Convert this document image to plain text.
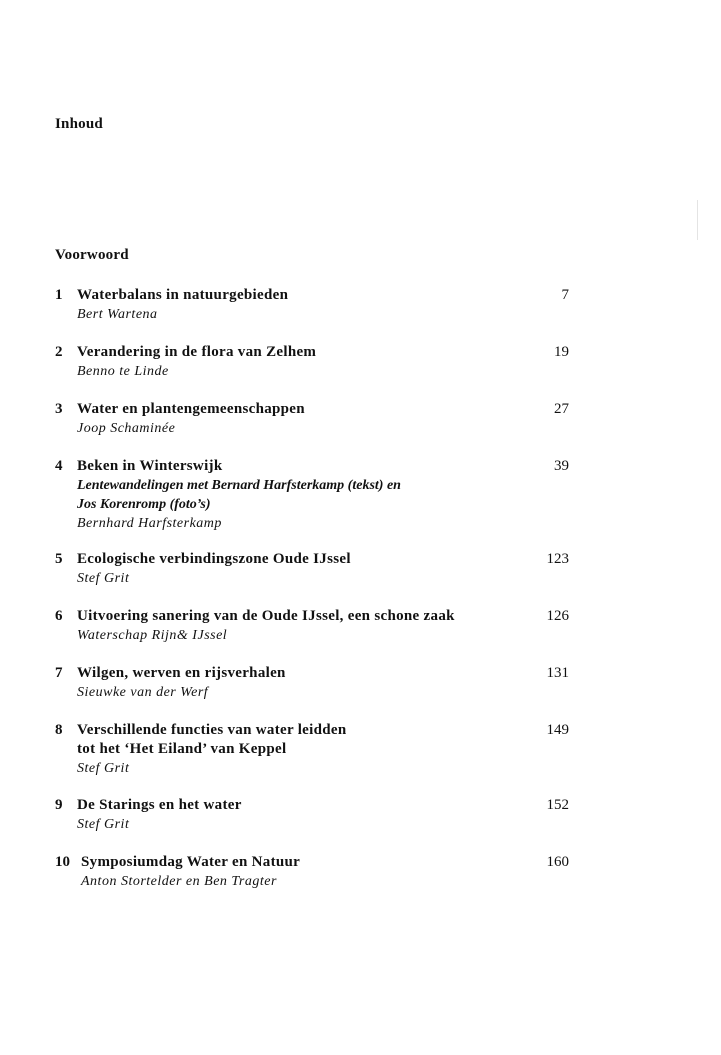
Inhoud
Voorwoord
1 Waterbalans in natuurgebieden
Bert Wartena
7
2 Verandering in de flora van Zelhem
Benno te Linde
19
3 Water en plantengemeenschappen
Joop Schaminée
27
4 Beken in Winterswijk
Lentewandelingen met Bernard Harfsterkamp (tekst) en
Jos Korenromp (foto’s)
Bernhard Harfsterkamp
39
5 Ecologische verbindingszone Oude IJssel
Stef Grit
123
6 Uitvoering sanering van de Oude IJssel, een schone zaak
Waterschap Rijn& IJssel
126
7 Wilgen, werven en rijsverhalen
Sieuwke van der Werf
131
8 Verschillende functies van water leidden
tot het ‘Het Eiland’ van Keppel
Stef Grit
149
9 De Starings en het water
Stef Grit
152
10 Symposiumdag Water en Natuur
Anton Stortelder en Ben Tragter
160
